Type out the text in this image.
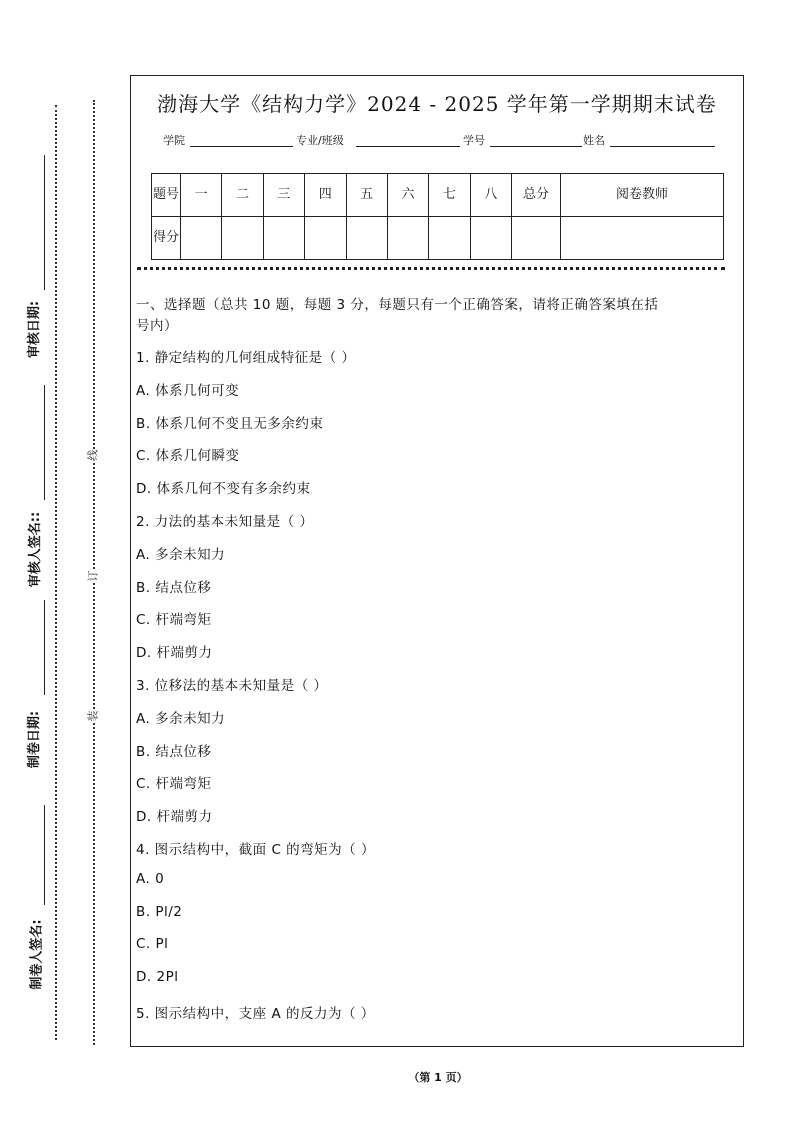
审核日期:
审核人签名::
制卷日期:
制卷人签名:
线
订
装
渤海大学《结构力学》2024 - 2025 学年第一学期期末试卷
学院	专业/班级	学号	姓名
题号	一	二	三	四	五	六	七	八	总分	阅卷教师
得分										
一、选择题（总共 10 题，每题 3 分，每题只有一个正确答案，请将正确答案填在括
号内）
1. 静定结构的几何组成特征是（ ）
A. 体系几何可变
B. 体系几何不变且无多余约束
C. 体系几何瞬变
D. 体系几何不变有多余约束
2. 力法的基本未知量是（ ）
A. 多余未知力
B. 结点位移
C. 杆端弯矩
D. 杆端剪力
3. 位移法的基本未知量是（ ）
A. 多余未知力
B. 结点位移
C. 杆端弯矩
D. 杆端剪力
4. 图示结构中，截面 C 的弯矩为（ ）
A. 0
B. Pl/2
C. Pl
D. 2Pl
5. 图示结构中，支座 A 的反力为（ ）
（第 1 页）
